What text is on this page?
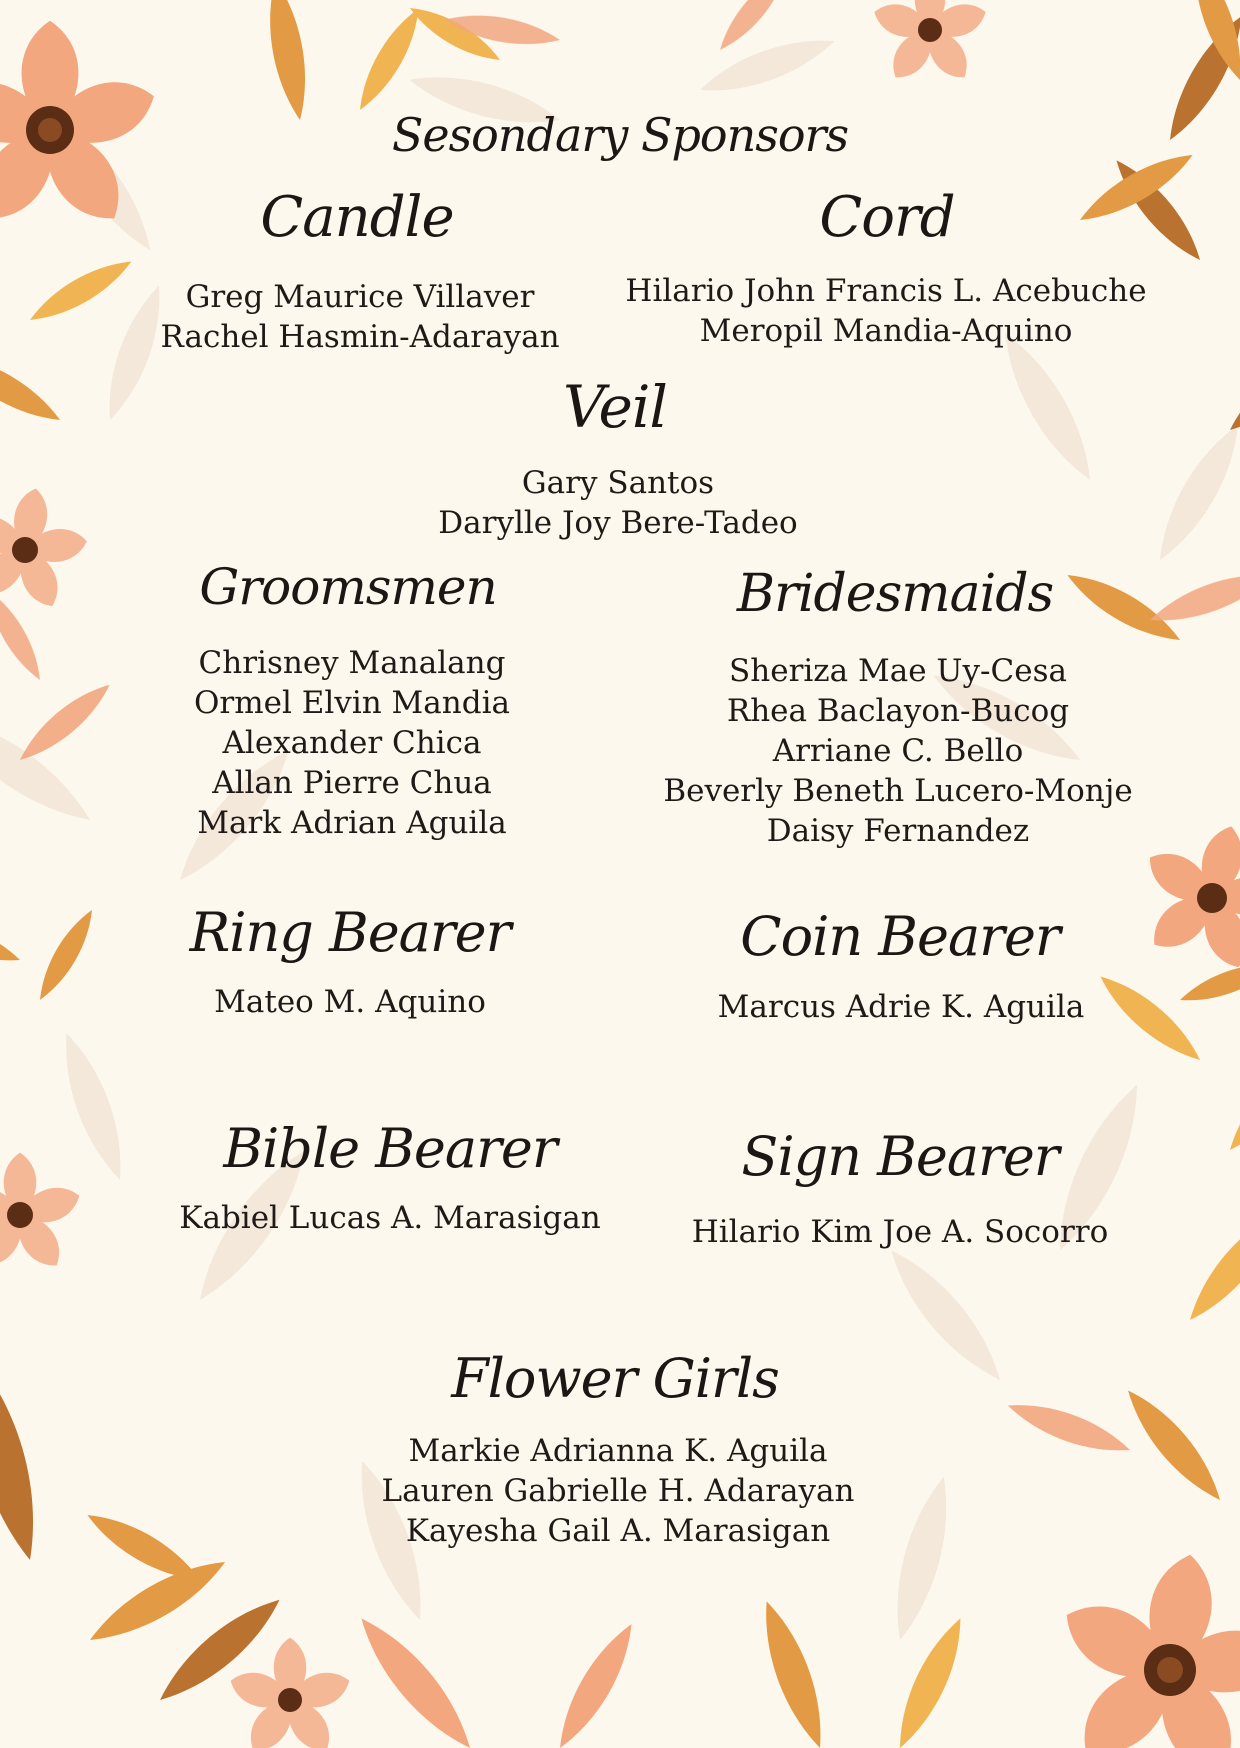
Sesondary Sponsors
Candle
Greg Maurice Villaver
Rachel Hasmin-Adarayan
Cord
Hilario John Francis L. Acebuche
Meropil Mandia-Aquino
Veil
Gary Santos
Darylle Joy Bere-Tadeo
Groomsmen
Chrisney Manalang
Ormel Elvin Mandia
Alexander Chica
Allan Pierre Chua
Mark Adrian Aguila
Bridesmaids
Sheriza Mae Uy-Cesa
Rhea Baclayon-Bucog
Arriane C. Bello
Beverly Beneth Lucero-Monje
Daisy Fernandez
Ring Bearer
Mateo M. Aquino
Coin Bearer
Marcus Adrie K. Aguila
Bible Bearer
Kabiel Lucas A. Marasigan
Sign Bearer
Hilario Kim Joe A. Socorro
Flower Girls
Markie Adrianna K. Aguila
Lauren Gabrielle H. Adarayan
Kayesha Gail A. Marasigan
